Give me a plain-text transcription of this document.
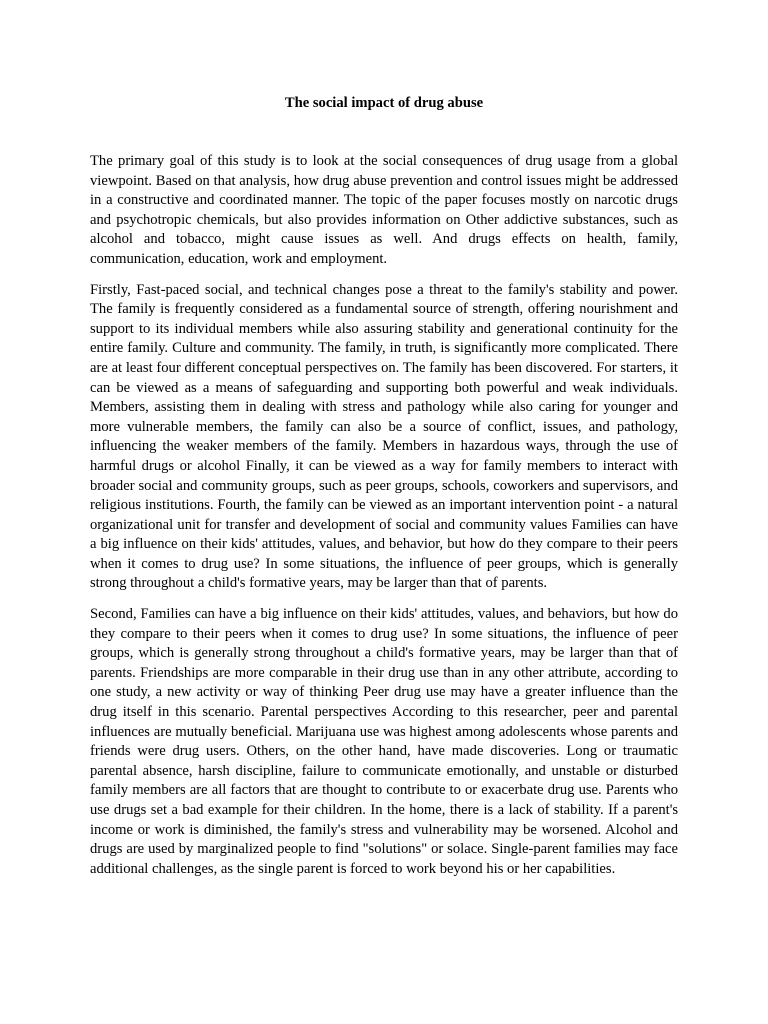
The social impact of drug abuse

The primary goal of this study is to look at the social consequences of drug usage from a global viewpoint. Based on that analysis, how drug abuse prevention and control issues might be addressed in a constructive and coordinated manner. The topic of the paper focuses mostly on narcotic drugs and psychotropic chemicals, but also provides information on Other addictive substances, such as alcohol and tobacco, might cause issues as well. And drugs effects on health, family, communication, education, work and employment.

Firstly, Fast-paced social, and technical changes pose a threat to the family's stability and power. The family is frequently considered as a fundamental source of strength, offering nourishment and support to its individual members while also assuring stability and generational continuity for the entire family. Culture and community. The family, in truth, is significantly more complicated. There are at least four different conceptual perspectives on. The family has been discovered. For starters, it can be viewed as a means of safeguarding and supporting both powerful and weak individuals. Members, assisting them in dealing with stress and pathology while also caring for younger and more vulnerable members, the family can also be a source of conflict, issues, and pathology, influencing the weaker members of the family. Members in hazardous ways, through the use of harmful drugs or alcohol Finally, it can be viewed as a way for family members to interact with broader social and community groups, such as peer groups, schools, coworkers and supervisors, and religious institutions. Fourth, the family can be viewed as an important intervention point - a natural organizational unit for transfer and development of social and community values Families can have a big influence on their kids' attitudes, values, and behavior, but how do they compare to their peers when it comes to drug use? In some situations, the influence of peer groups, which is generally strong throughout a child's formative years, may be larger than that of parents.

Second, Families can have a big influence on their kids' attitudes, values, and behaviors, but how do they compare to their peers when it comes to drug use? In some situations, the influence of peer groups, which is generally strong throughout a child's formative years, may be larger than that of parents. Friendships are more comparable in their drug use than in any other attribute, according to one study, a new activity or way of thinking Peer drug use may have a greater influence than the drug itself in this scenario. Parental perspectives According to this researcher, peer and parental influences are mutually beneficial. Marijuana use was highest among adolescents whose parents and friends were drug users. Others, on the other hand, have made discoveries. Long or traumatic parental absence, harsh discipline, failure to communicate emotionally, and unstable or disturbed family members are all factors that are thought to contribute to or exacerbate drug use. Parents who use drugs set a bad example for their children. In the home, there is a lack of stability. If a parent's income or work is diminished, the family's stress and vulnerability may be worsened. Alcohol and drugs are used by marginalized people to find "solutions" or solace. Single-parent families may face additional challenges, as the single parent is forced to work beyond his or her capabilities.
